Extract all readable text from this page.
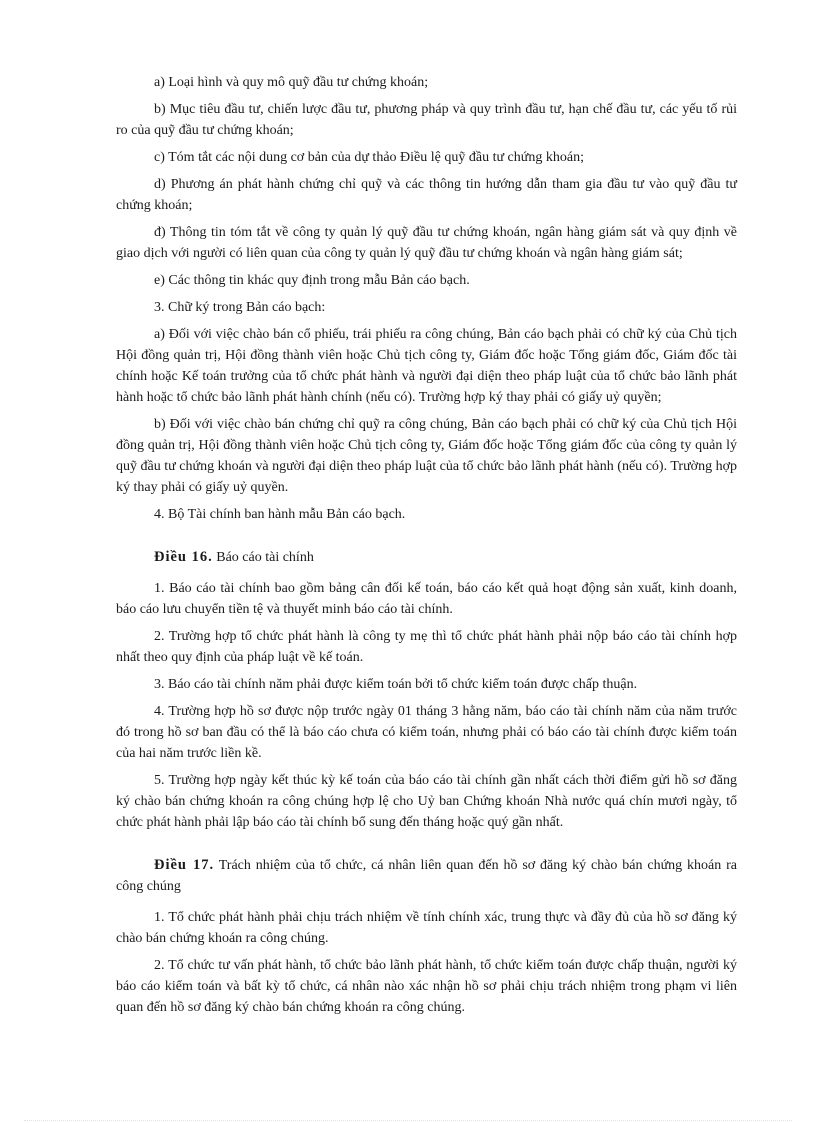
a) Loại hình và quy mô quỹ đầu tư chứng khoán;

b) Mục tiêu đầu tư, chiến lược đầu tư, phương pháp và quy trình đầu tư, hạn chế đầu tư, các yếu tố rủi ro của quỹ đầu tư chứng khoán;

c) Tóm tắt các nội dung cơ bản của dự thảo Điều lệ quỹ đầu tư chứng khoán;

d) Phương án phát hành chứng chỉ quỹ và các thông tin hướng dẫn tham gia đầu tư vào quỹ đầu tư chứng khoán;

đ) Thông tin tóm tắt về công ty quản lý quỹ đầu tư chứng khoán, ngân hàng giám sát và quy định về giao dịch với người có liên quan của công ty quản lý quỹ đầu tư chứng khoán và ngân hàng giám sát;

e) Các thông tin khác quy định trong mẫu Bản cáo bạch.

3. Chữ ký trong Bản cáo bạch:

a) Đối với việc chào bán cổ phiếu, trái phiếu ra công chúng, Bản cáo bạch phải có chữ ký của Chủ tịch Hội đồng quản trị, Hội đồng thành viên hoặc Chủ tịch công ty, Giám đốc hoặc Tổng giám đốc, Giám đốc tài chính hoặc Kế toán trưởng của tổ chức phát hành và người đại diện theo pháp luật của tổ chức bảo lãnh phát hành hoặc tổ chức bảo lãnh phát hành chính (nếu có). Trường hợp ký thay phải có giấy uỷ quyền;

b) Đối với việc chào bán chứng chỉ quỹ ra công chúng, Bản cáo bạch phải có chữ ký của Chủ tịch Hội đồng quản trị, Hội đồng thành viên hoặc Chủ tịch công ty, Giám đốc hoặc Tổng giám đốc của công ty quản lý quỹ đầu tư chứng khoán và người đại diện theo pháp luật của tổ chức bảo lãnh phát hành (nếu có). Trường hợp ký thay phải có giấy uỷ quyền.

4. Bộ Tài chính ban hành mẫu Bản cáo bạch.

Điều 16. Báo cáo tài chính

1. Báo cáo tài chính bao gồm bảng cân đối kế toán, báo cáo kết quả hoạt động sản xuất, kinh doanh, báo cáo lưu chuyển tiền tệ và thuyết minh báo cáo tài chính.

2. Trường hợp tổ chức phát hành là công ty mẹ thì tổ chức phát hành phải nộp báo cáo tài chính hợp nhất theo quy định của pháp luật về kế toán.

3. Báo cáo tài chính năm phải được kiểm toán bởi tổ chức kiểm toán được chấp thuận.

4. Trường hợp hồ sơ được nộp trước ngày 01 tháng 3 hằng năm, báo cáo tài chính năm của năm trước đó trong hồ sơ ban đầu có thể là báo cáo chưa có kiểm toán, nhưng phải có báo cáo tài chính được kiểm toán của hai năm trước liền kề.

5. Trường hợp ngày kết thúc kỳ kế toán của báo cáo tài chính gần nhất cách thời điểm gửi hồ sơ đăng ký chào bán chứng khoán ra công chúng hợp lệ cho Uỷ ban Chứng khoán Nhà nước quá chín mươi ngày, tổ chức phát hành phải lập báo cáo tài chính bổ sung đến tháng hoặc quý gần nhất.

Điều 17. Trách nhiệm của tổ chức, cá nhân liên quan đến hồ sơ đăng ký chào bán chứng khoán ra công chúng

1. Tổ chức phát hành phải chịu trách nhiệm về tính chính xác, trung thực và đầy đủ của hồ sơ đăng ký chào bán chứng khoán ra công chúng.

2. Tổ chức tư vấn phát hành, tổ chức bảo lãnh phát hành, tổ chức kiểm toán được chấp thuận, người ký báo cáo kiểm toán và bất kỳ tổ chức, cá nhân nào xác nhận hồ sơ phải chịu trách nhiệm trong phạm vi liên quan đến hồ sơ đăng ký chào bán chứng khoán ra công chúng.
